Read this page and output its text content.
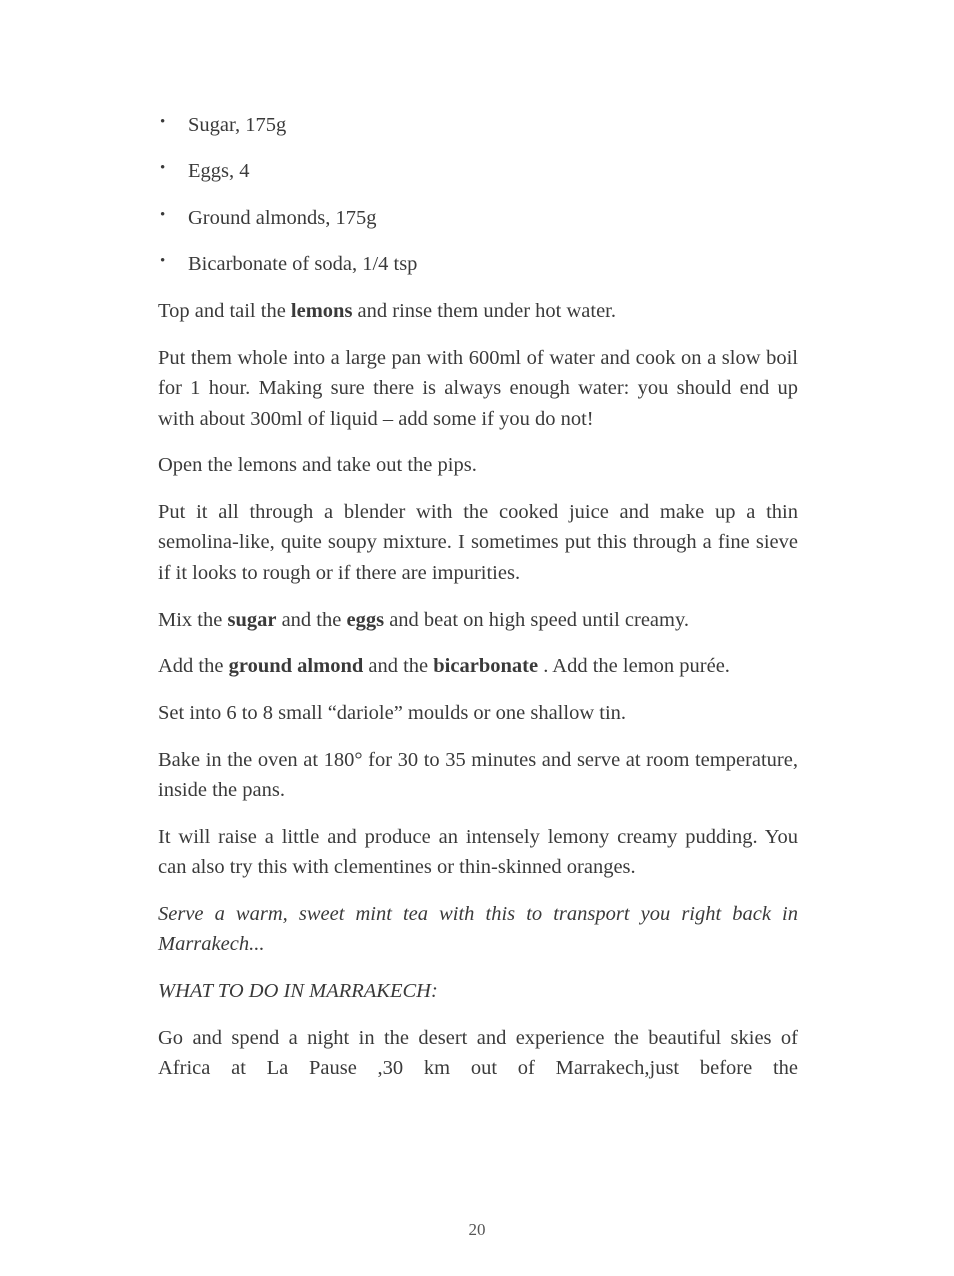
• Sugar, 175g
• Eggs, 4
• Ground almonds, 175g
• Bicarbonate of soda, 1/4 tsp

Top and tail the lemons and rinse them under hot water.

Put them whole into a large pan with 600ml of water and cook on a slow boil for 1 hour. Making sure there is always enough water: you should end up with about 300ml of liquid – add some if you do not!

Open the lemons and take out the pips.

Put it all through a blender with the cooked juice and make up a thin semolina-like, quite soupy mixture. I sometimes put this through a fine sieve if it looks to rough or if there are impurities.

Mix the sugar and the eggs and beat on high speed until creamy.

Add the ground almond and the bicarbonate . Add the lemon purée.

Set into 6 to 8 small “dariole” moulds or one shallow tin.

Bake in the oven at 180° for 30 to 35 minutes and serve at room temperature, inside the pans.

It will raise a little and produce an intensely lemony creamy pudding. You can also try this with clementines or thin-skinned oranges.

Serve a warm, sweet mint tea with this to transport you right back in Marrakech...

WHAT TO DO IN MARRAKECH:

Go and spend a night in the desert and experience the beautiful skies of Africa at La Pause ,30 km out of Marrakech,just before the

20
